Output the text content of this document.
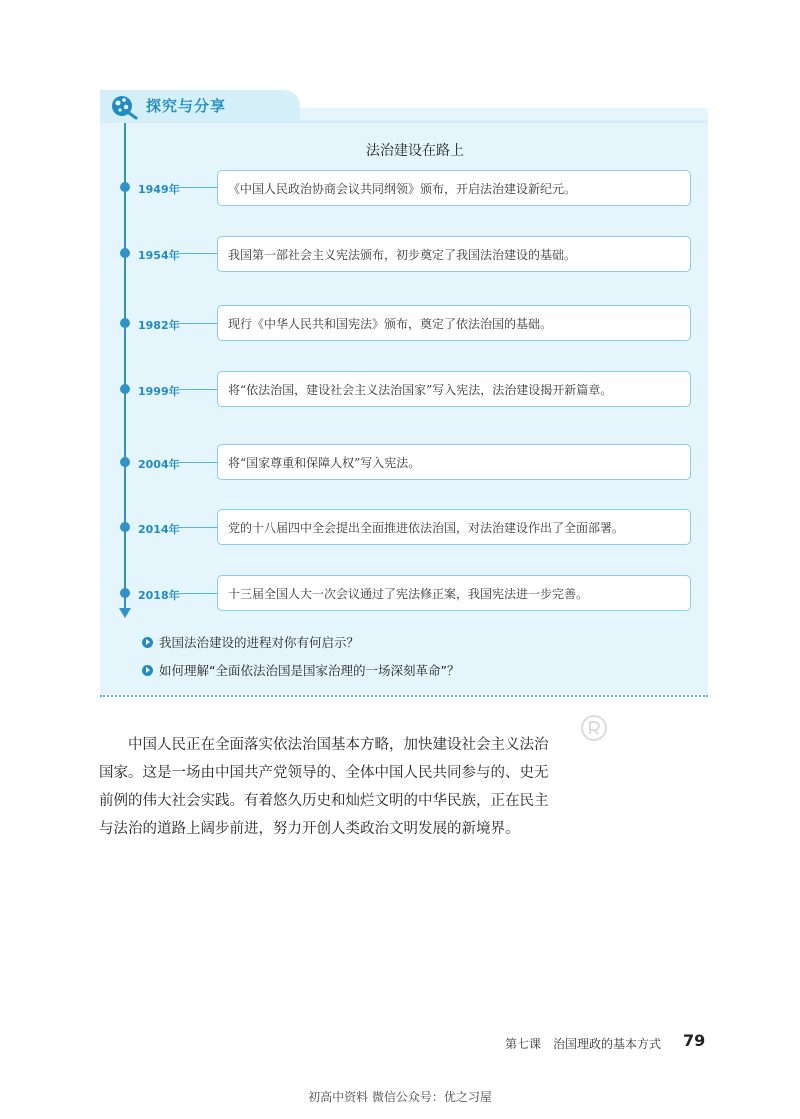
探究与分享
法治建设在路上
1949年	《中国人民政治协商会议共同纲领》颁布，开启法治建设新纪元。
1954年	我国第一部社会主义宪法颁布，初步奠定了我国法治建设的基础。
1982年	现行《中华人民共和国宪法》颁布，奠定了依法治国的基础。
1999年	将“依法治国，建设社会主义法治国家”写入宪法，法治建设揭开新篇章。
2004年	将“国家尊重和保障人权”写入宪法。
2014年	党的十八届四中全会提出全面推进依法治国，对法治建设作出了全面部署。
2018年	十三届全国人大一次会议通过了宪法修正案，我国宪法进一步完善。
我国法治建设的进程对你有何启示？
如何理解“全面依法治国是国家治理的一场深刻革命”？

中国人民正在全面落实依法治国基本方略，加快建设社会主义法治国家。这是一场由中国共产党领导的、全体中国人民共同参与的、史无前例的伟大社会实践。有着悠久历史和灿烂文明的中华民族，正在民主与法治的道路上阔步前进，努力开创人类政治文明发展的新境界。

第七课　治国理政的基本方式 79
初高中资料 微信公众号：优之习屋
